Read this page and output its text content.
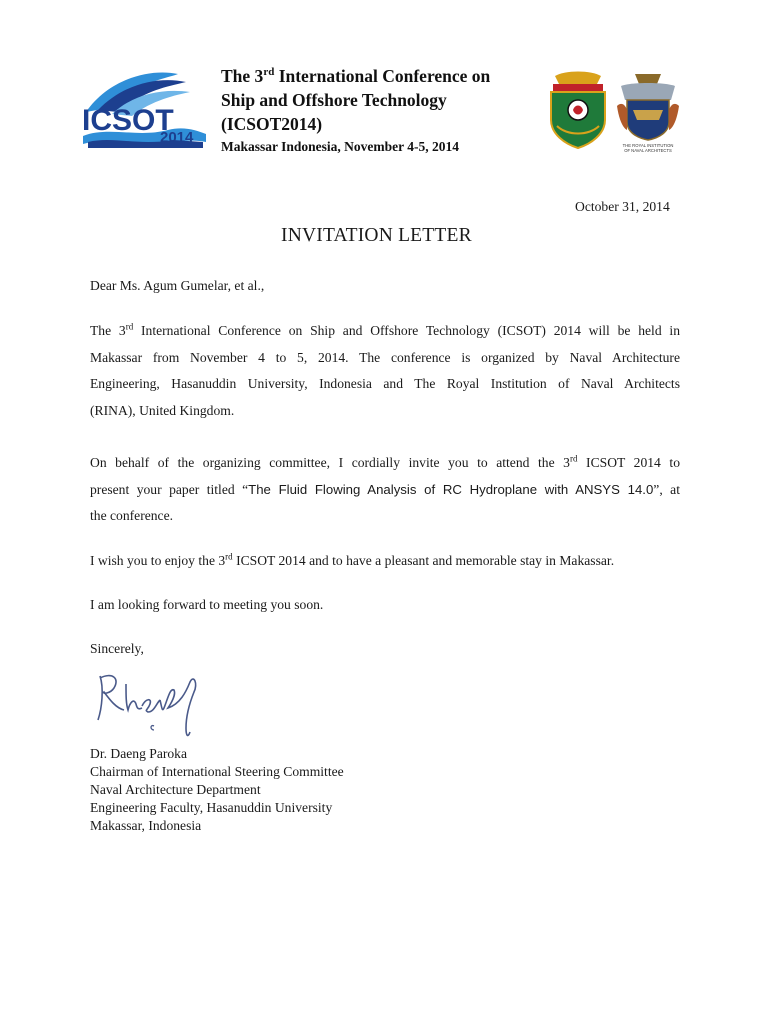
ICSOT
2014
The 3rd International Conference on
Ship and Offshore Technology
(ICSOT2014)
Makassar Indonesia, November 4-5, 2014	THE ROYAL INSTITUTION
OF NAVAL ARCHITECTS
October 31, 2014
INVITATION LETTER
Dear Ms. Agum Gumelar, et al.,
The 3rd International Conference on Ship and Offshore Technology (ICSOT) 2014 will be held in
Makassar from November 4 to 5, 2014. The conference is organized by Naval Architecture
Engineering, Hasanuddin University, Indonesia and The Royal Institution of Naval Architects
(RINA), United Kingdom.
On behalf of the organizing committee, I cordially invite you to attend the 3rd ICSOT 2014 to
present your paper titled “The Fluid Flowing Analysis of RC Hydroplane with ANSYS 14.0”, at
the conference.
I wish you to enjoy the 3rd ICSOT 2014 and to have a pleasant and memorable stay in Makassar.
I am looking forward to meeting you soon.
Sincerely,
Dr. Daeng Paroka
Chairman of International Steering Committee
Naval Architecture Department
Engineering Faculty, Hasanuddin University
Makassar, Indonesia
